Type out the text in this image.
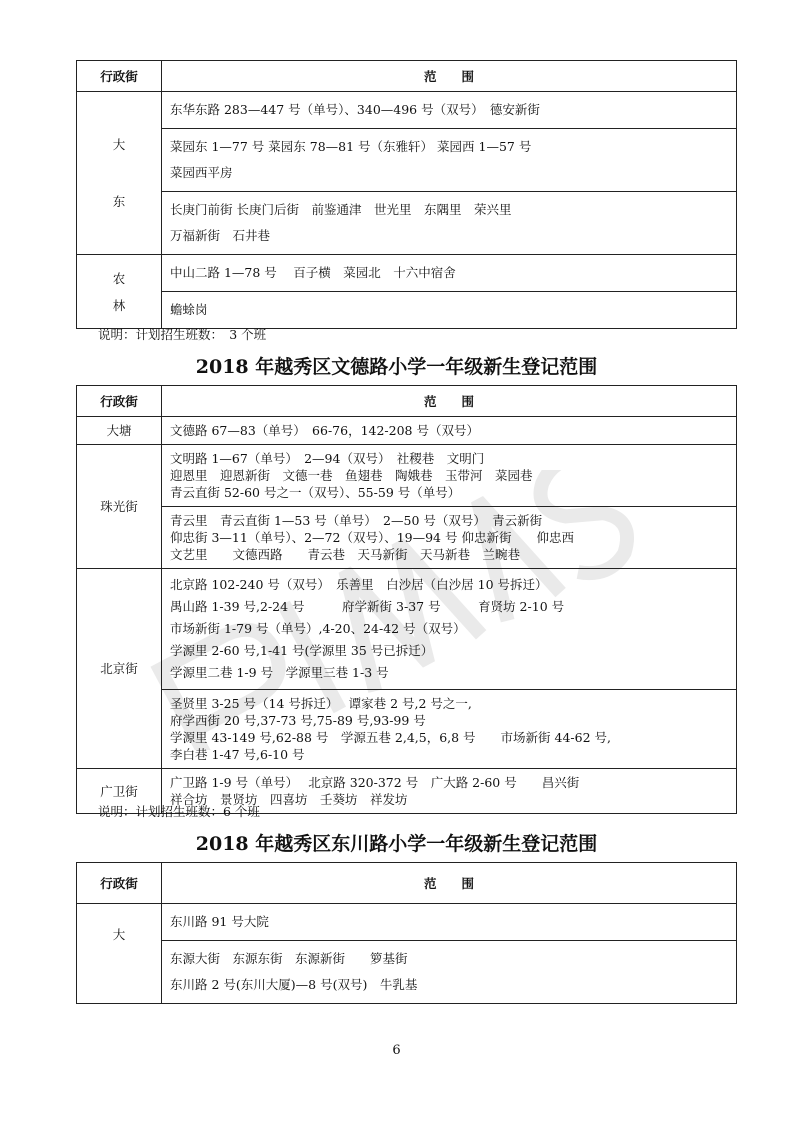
行政街	范　　围

大
东	东华东路 283—447 号（单号）、340—496 号（双号）　德安新街

	菜园东 1—77 号 菜园东 78—81 号（东雅轩） 菜园西 1—57 号
菜园西平房

	长庚门前街 长庚门后街　前鉴通津　世光里　东隅里　荣兴里
万福新街　石井巷

农
林	中山二路 1—78 号　 百子横　菜园北　十六中宿舍

	蟾蜍岗
说明：计划招生班数：　3 个班
2018 年越秀区文德路小学一年级新生登记范围
行政街	范　　围
大塘	文德路 67—83（单号）　66-76，142-208 号（双号）

珠光街	文明路 1—67（单号）　2—94（双号）　社稷巷　文明门
迎恩里　迎恩新街　文德一巷　鱼翅巷　陶娥巷　玉带河　菜园巷
青云直街 52-60 号之一（双号）、55-59 号（单号）

	青云里　青云直街 1—53 号（单号）　2—50 号（双号）　青云新街
仰忠街 3—11（单号）、2—72（双号）、19—94 号 仰忠新街　　仰忠西
文艺里　　文德西路　　青云巷　天马新街　天马新巷　兰畹巷

北京街	北京路 102-240 号（双号）　乐善里　白沙居（白沙居 10 号拆迁）
禺山路 1-39 号,2-24 号　　　府学新街 3-37 号　　　育贤坊 2-10 号
市场新街 1-79 号（单号）,4-20、24-42 号（双号）
学源里 2-60 号,1-41 号(学源里 35 号已拆迁）
学源里二巷 1-9 号　学源里三巷 1-3 号

	圣贤里 3-25 号（14 号拆迁）　 谭家巷 2 号,2 号之一,
府学西街 20 号,37-73 号,75-89 号,93-99 号
学源里 43-149 号,62-88 号　学源五巷 2,4,5，6,8 号　　市场新街 44-62 号,
李白巷 1-47 号,6-10 号

广卫街	广卫路 1-9 号（单号）　 北京路 320-372 号　广大路 2-60 号　　昌兴街
祥合坊　景贤坊　四喜坊　壬葵坊　祥发坊
说明：计划招生班数：6 个班
2018 年越秀区东川路小学一年级新生登记范围
行政街	范　　围
大	东川路 91 号大院

	东源大街　东源东街　东源新街　　箩基街
东川路 2 号(东川大厦)—8 号(双号)　牛乳基
6
